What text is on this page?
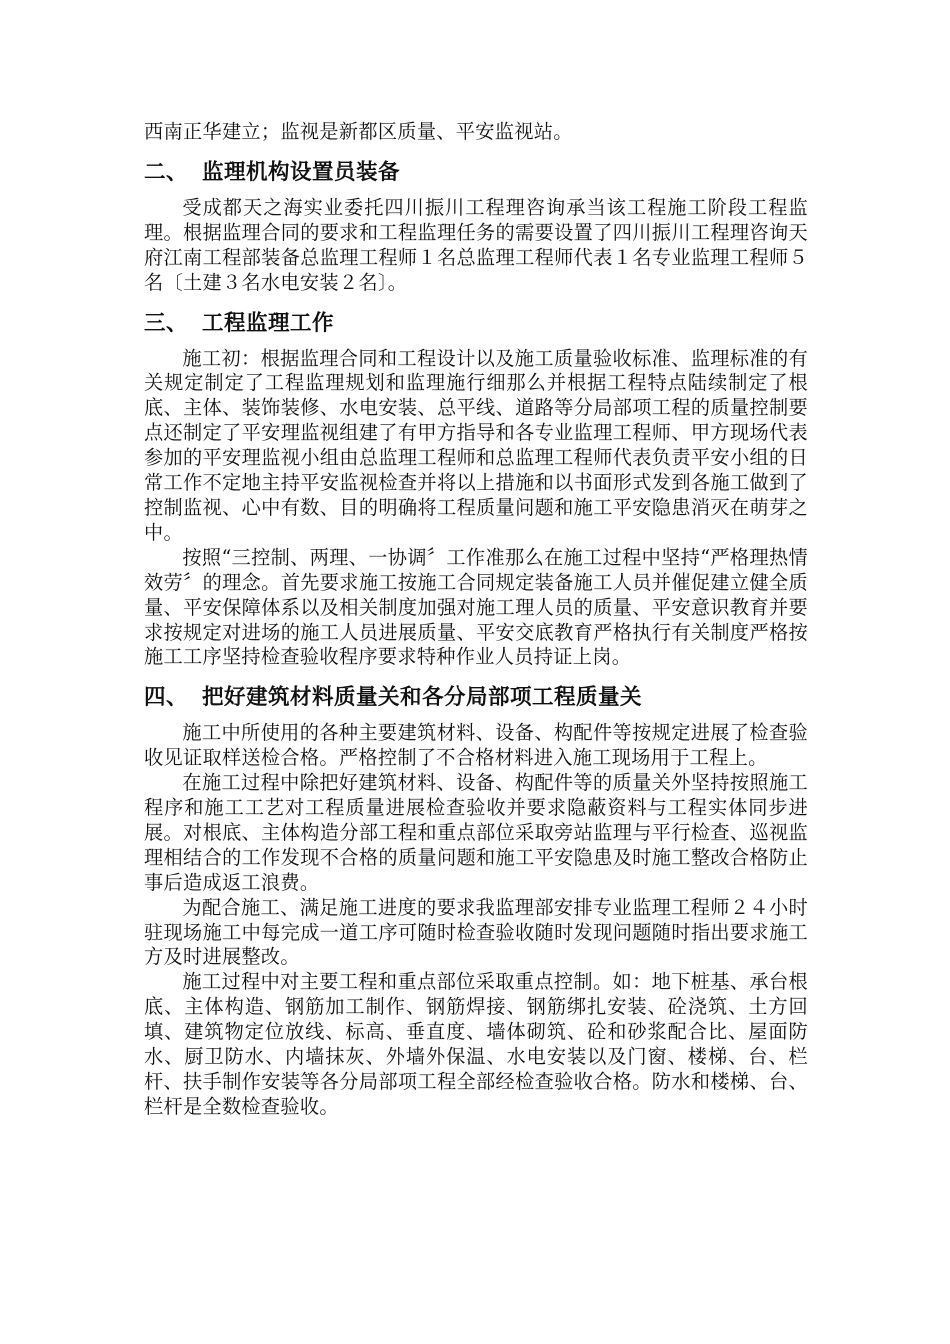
西南正华建立；监视是新都区质量、平安监视站。

二、 监理机构设置员装备

受成都天之海实业委托四川振川工程理咨询承当该工程施工阶段工程监理。根据监理合同的要求和工程监理任务的需要设置了四川振川工程理咨询天府江南工程部装备总监理工程师１名总监理工程师代表１名专业监理工程师５名〔土建３名水电安装２名〕。

三、 工程监理工作

施工初：根据监理合同和工程设计以及施工质量验收标准、监理标准的有关规定制定了工程监理规划和监理施行细那么并根据工程特点陆续制定了根底、主体、装饰装修、水电安装、总平线、道路等分局部项工程的质量控制要点还制定了平安理监视组建了有甲方指导和各专业监理工程师、甲方现场代表参加的平安理监视小组由总监理工程师和总监理工程师代表负责平安小组的日常工作不定地主持平安监视检查并将以上措施和以书面形式发到各施工做到了控制监视、心中有数、目的明确将工程质量问题和施工平安隐患消灭在萌芽之中。

按照“三控制、两理、一协调〞工作准那么在施工过程中坚持“严格理热情效劳〞的理念。首先要求施工按施工合同规定装备施工人员并催促建立健全质量、平安保障体系以及相关制度加强对施工理人员的质量、平安意识教育并要求按规定对进场的施工人员进展质量、平安交底教育严格执行有关制度严格按施工工序坚持检查验收程序要求特种作业人员持证上岗。

四、 把好建筑材料质量关和各分局部项工程质量关

施工中所使用的各种主要建筑材料、设备、构配件等按规定进展了检查验收见证取样送检合格。严格控制了不合格材料进入施工现场用于工程上。

在施工过程中除把好建筑材料、设备、构配件等的质量关外坚持按照施工程序和施工工艺对工程质量进展检查验收并要求隐蔽资料与工程实体同步进展。对根底、主体构造分部工程和重点部位采取旁站监理与平行检查、巡视监理相结合的工作发现不合格的质量问题和施工平安隐患及时施工整改合格防止事后造成返工浪费。

为配合施工、满足施工进度的要求我监理部安排专业监理工程师２４小时驻现场施工中每完成一道工序可随时检查验收随时发现问题随时指出要求施工方及时进展整改。

施工过程中对主要工程和重点部位采取重点控制。如：地下桩基、承台根底、主体构造、钢筋加工制作、钢筋焊接、钢筋绑扎安装、砼浇筑、土方回填、建筑物定位放线、标高、垂直度、墙体砌筑、砼和砂浆配合比、屋面防水、厨卫防水、内墙抹灰、外墙外保温、水电安装以及门窗、楼梯、台、栏杆、扶手制作安装等各分局部项工程全部经检查验收合格。防水和楼梯、台、栏杆是全数检查验收。
